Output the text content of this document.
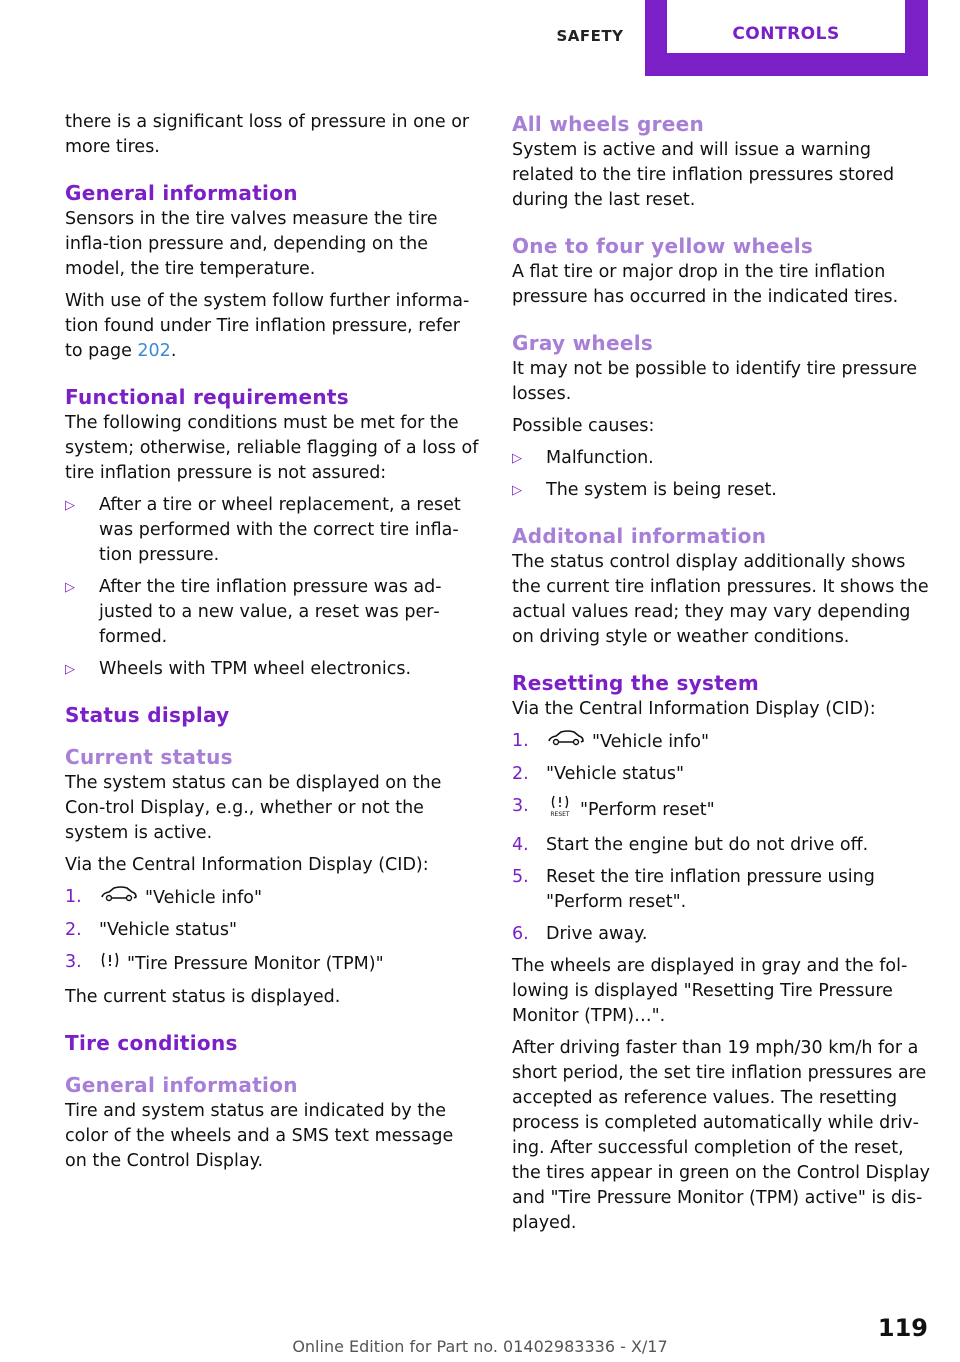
SAFETY	CONTROLS

there is a significant loss of pressure in one or more tires.

General information

Sensors in the tire valves measure the tire infla‐tion pressure and, depending on the model, the tire temperature.

With use of the system follow further informa‐tion found under Tire inflation pressure, refer to page 202.

Functional requirements

The following conditions must be met for the system; otherwise, reliable flagging of a loss of tire inflation pressure is not assured:

▷ After a tire or wheel replacement, a reset was performed with the correct tire infla‐tion pressure.
▷ After the tire inflation pressure was ad‐justed to a new value, a reset was per‐formed.
▷ Wheels with TPM wheel electronics.
Status display
Current status

The system status can be displayed on the Con‐trol Display, e.g., whether or not the system is active.

Via the Central Information Display (CID):

1.	"Vehicle info"
2. "Vehicle status"
3.	"Tire Pressure Monitor (TPM)"

The current status is displayed.

Tire conditions
General information

Tire and system status are indicated by the color of the wheels and a SMS text message on the Control Display.

All wheels green

System is active and will issue a warning related to the tire inflation pressures stored during the last reset.

One to four yellow wheels

A flat tire or major drop in the tire inflation pressure has occurred in the indicated tires.

Gray wheels

It may not be possible to identify tire pressure losses.

Possible causes:

▷ Malfunction.
▷ The system is being reset.
Additonal information

The status control display additionally shows the current tire inflation pressures. It shows the actual values read; they may vary depending on driving style or weather conditions.

Resetting the system

Via the Central Information Display (CID):

1.	"Vehicle info"
2. "Vehicle status"
3.	RESET "Perform reset"
4. Start the engine but do not drive off.
5. Reset the tire inflation pressure using "Perform reset".
6. Drive away.

The wheels are displayed in gray and the fol‐lowing is displayed "Resetting Tire Pressure Monitor (TPM)…".

After driving faster than 19 mph/30 km/h for a short period, the set tire inflation pressures are accepted as reference values. The resetting process is completed automatically while driv‐ing. After successful completion of the reset, the tires appear in green on the Control Display and "Tire Pressure Monitor (TPM) active" is dis‐played.

119
Online Edition for Part no. 01402983336 - X/17
